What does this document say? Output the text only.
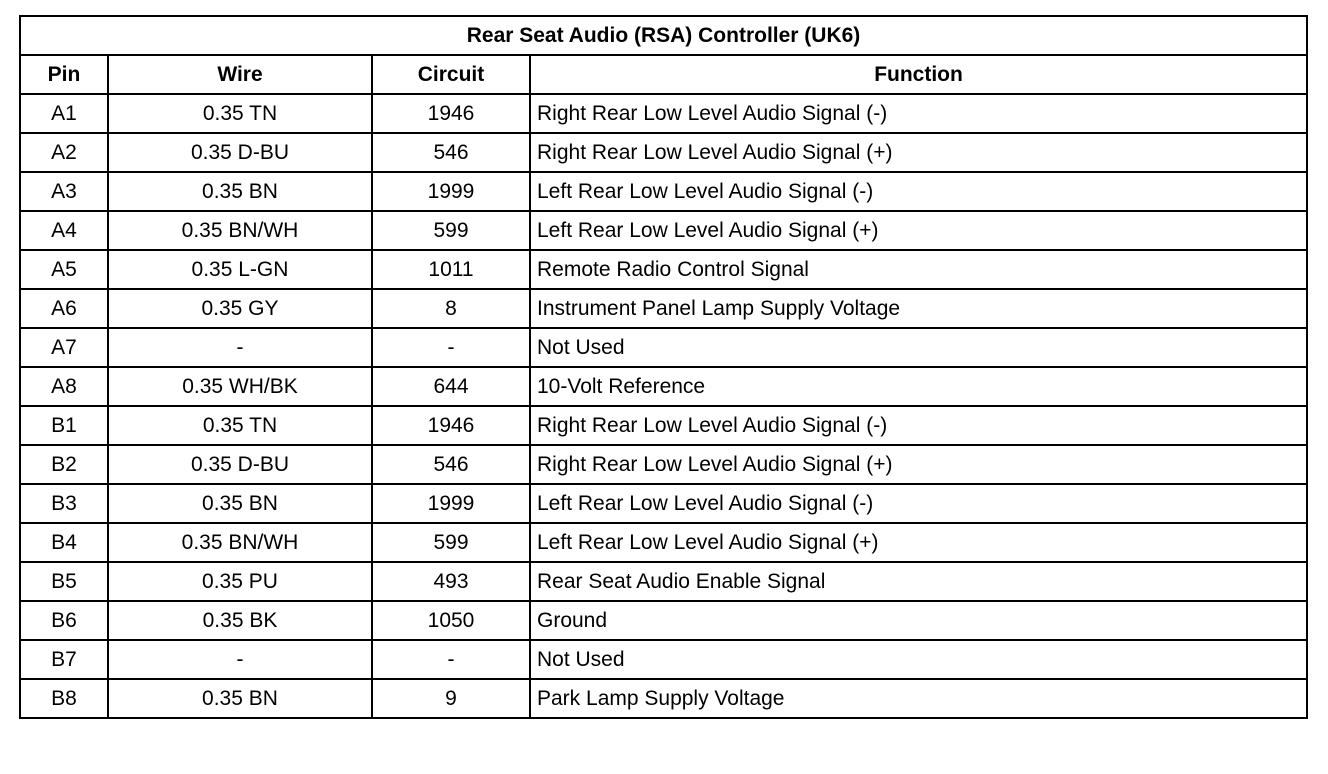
Rear Seat Audio (RSA) Controller (UK6)			
Pin	Wire	Circuit	Function
A1	0.35 TN	1946	Right Rear Low Level Audio Signal (-)
A2	0.35 D-BU	546	Right Rear Low Level Audio Signal (+)
A3	0.35 BN	1999	Left Rear Low Level Audio Signal (-)
A4	0.35 BN/WH	599	Left Rear Low Level Audio Signal (+)
A5	0.35 L-GN	1011	Remote Radio Control Signal
A6	0.35 GY	8	Instrument Panel Lamp Supply Voltage
A7	-	-	Not Used
A8	0.35 WH/BK	644	10-Volt Reference
B1	0.35 TN	1946	Right Rear Low Level Audio Signal (-)
B2	0.35 D-BU	546	Right Rear Low Level Audio Signal (+)
B3	0.35 BN	1999	Left Rear Low Level Audio Signal (-)
B4	0.35 BN/WH	599	Left Rear Low Level Audio Signal (+)
B5	0.35 PU	493	Rear Seat Audio Enable Signal
B6	0.35 BK	1050	Ground
B7	-	-	Not Used
B8	0.35 BN	9	Park Lamp Supply Voltage
